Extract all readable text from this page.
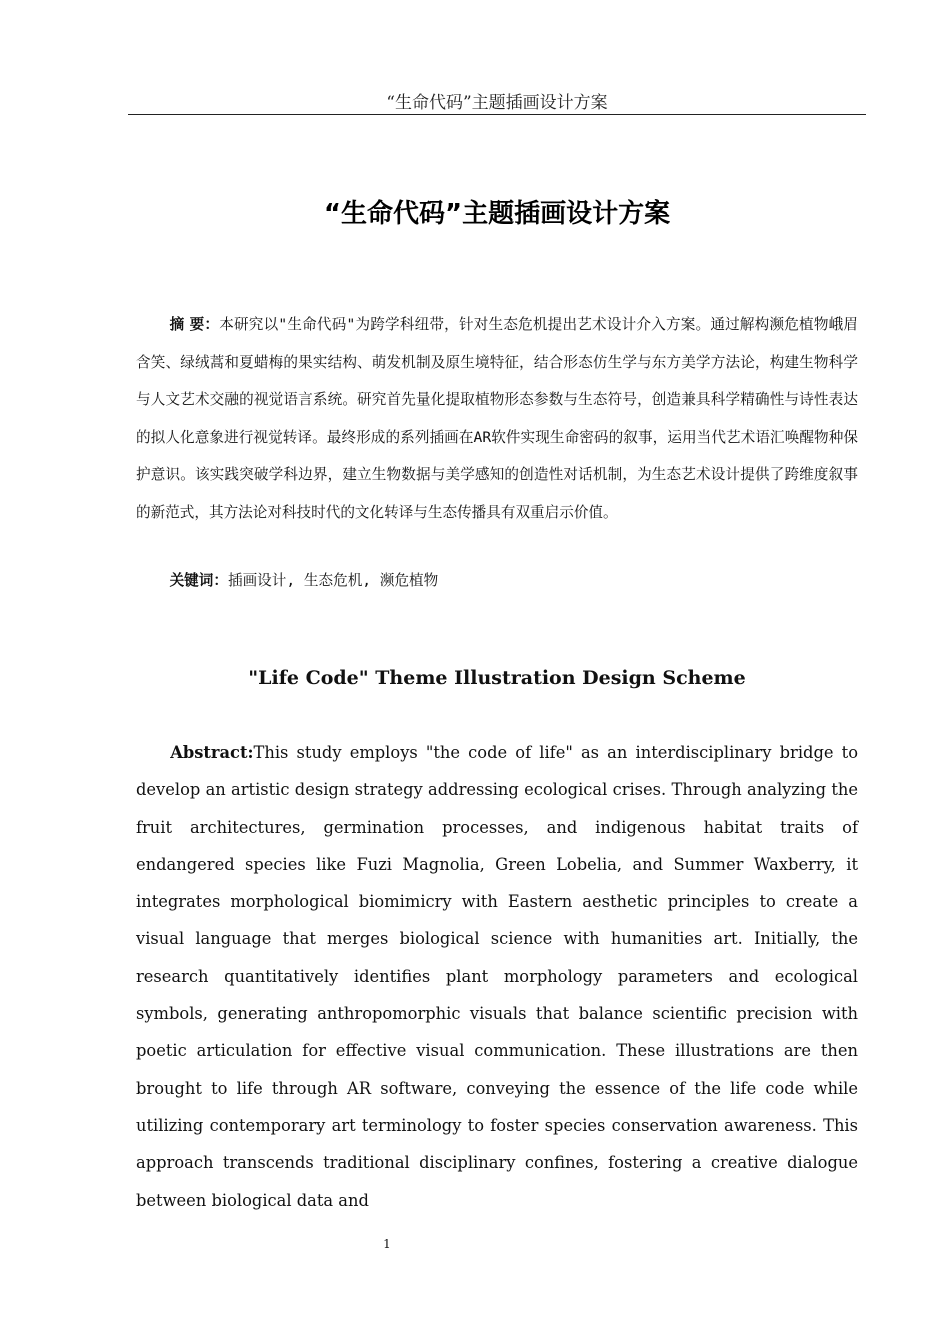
“生命代码”主题插画设计方案
“生命代码”主题插画设计方案
摘 要：本研究以"生命代码"为跨学科纽带，针对生态危机提出艺术设计介入方案。通过解构濒危植物峨眉含笑、绿绒蒿和夏蜡梅的果实结构、萌发机制及原生境特征，结合形态仿生学与东方美学方法论，构建生物科学与人文艺术交融的视觉语言系统。研究首先量化提取植物形态参数与生态符号，创造兼具科学精确性与诗性表达的拟人化意象进行视觉转译。最终形成的系列插画在AR软件实现生命密码的叙事，运用当代艺术语汇唤醒物种保护意识。该实践突破学科边界，建立生物数据与美学感知的创造性对话机制，为生态艺术设计提供了跨维度叙事的新范式，其方法论对科技时代的文化转译与生态传播具有双重启示价值。
关键词：插画设计, 生态危机, 濒危植物
"Life Code" Theme Illustration Design Scheme
Abstract:This study employs "the code of life" as an interdisciplinary bridge to develop an artistic design strategy addressing ecological crises. Through analyzing the fruit architectures, germination processes, and indigenous habitat traits of endangered species like Fuzi Magnolia, Green Lobelia, and Summer Waxberry, it integrates morphological biomimicry with Eastern aesthetic principles to create a visual language that merges biological science with humanities art. Initially, the research quantitatively identifies plant morphology parameters and ecological symbols, generating anthropomorphic visuals that balance scientific precision with poetic articulation for effective visual communication. These illustrations are then brought to life through AR software, conveying the essence of the life code while utilizing contemporary art terminology to foster species conservation awareness. This approach transcends traditional disciplinary confines, fostering a creative dialogue between biological data and
1
